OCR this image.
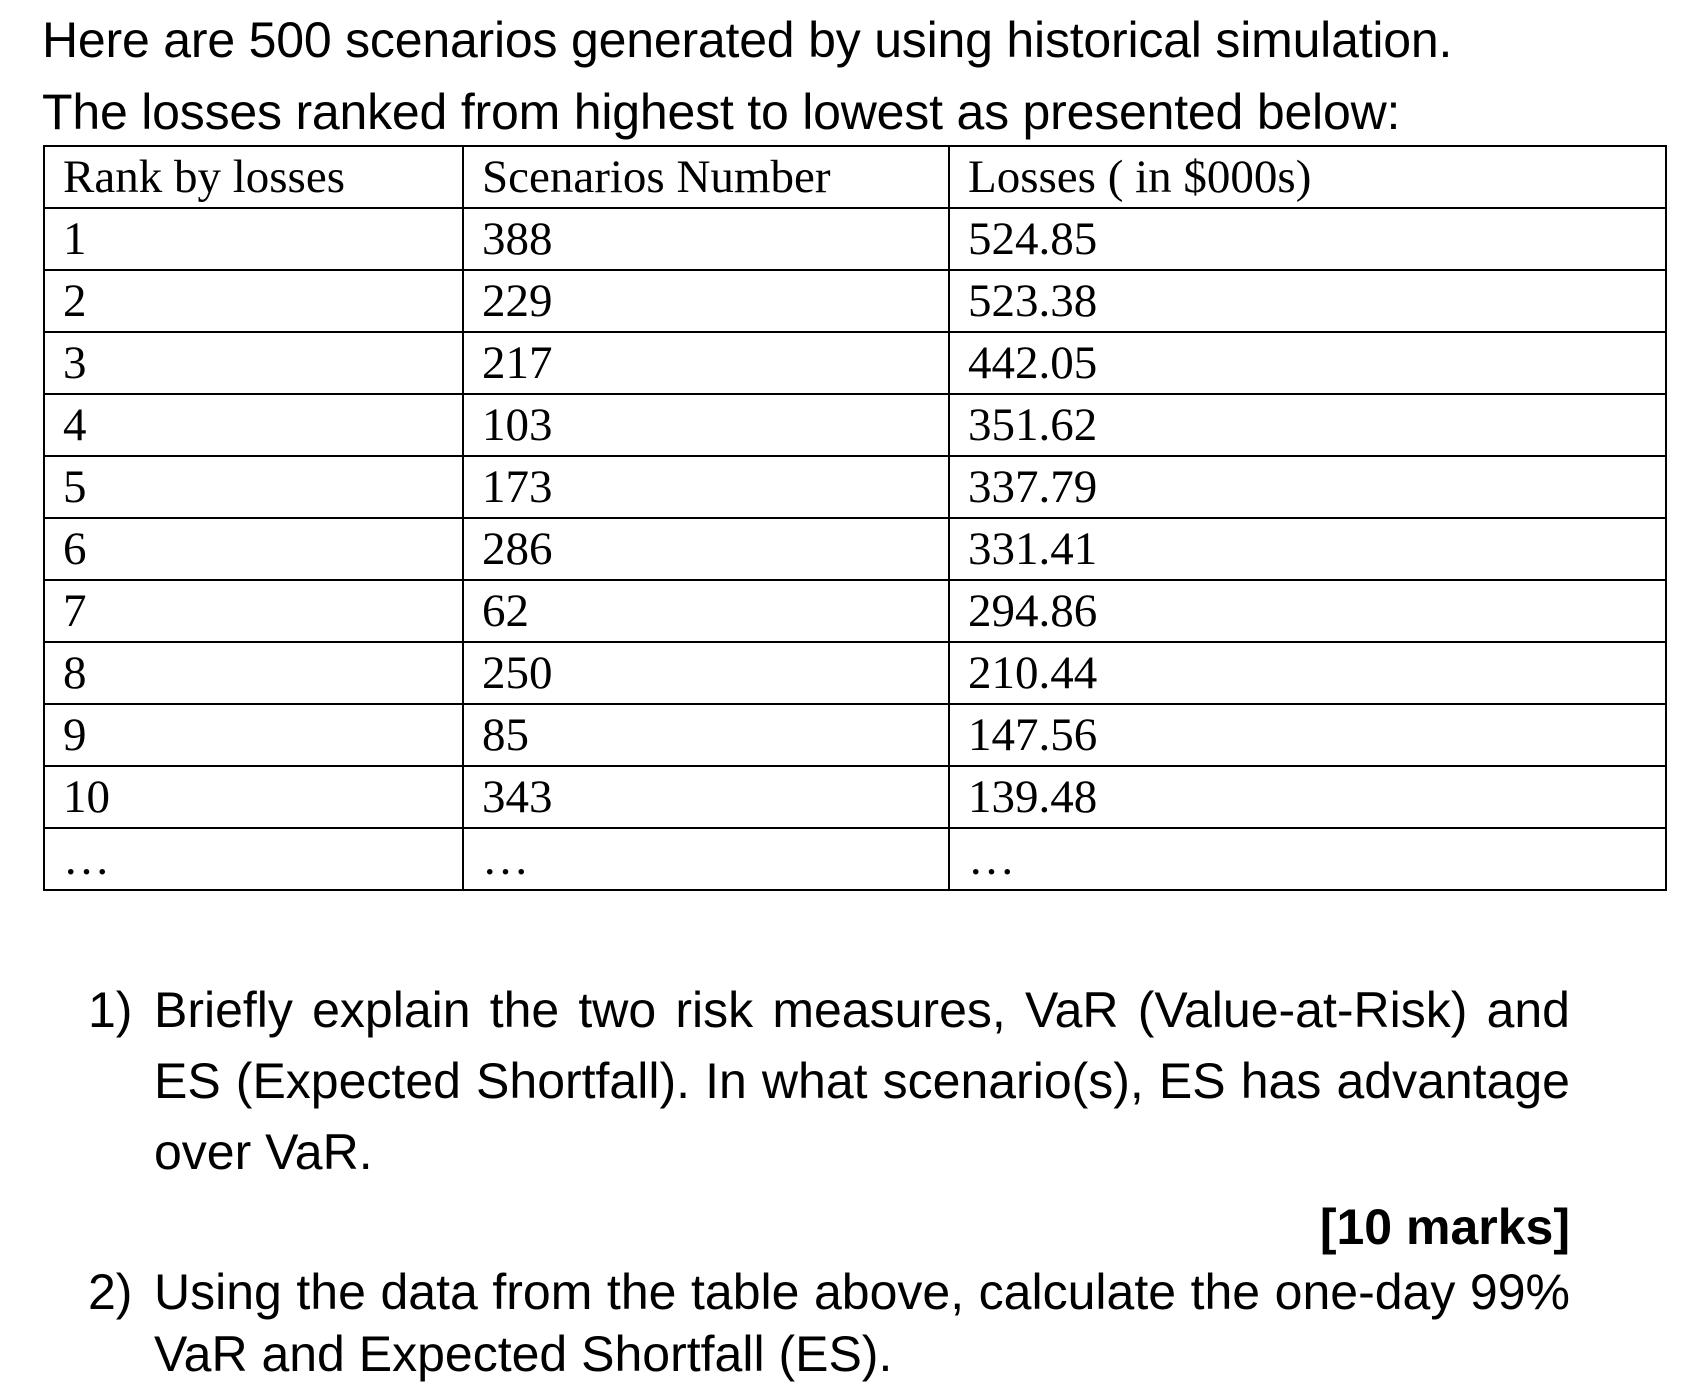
Here are 500 scenarios generated by using historical simulation.
The losses ranked from highest to lowest as presented below:
Rank by losses	Scenarios Number	Losses ( in $000s)
1	388	524.85
2	229	523.38
3	217	442.05
4	103	351.62
5	173	337.79
6	286	331.41
7	62	294.86
8	250	210.44
9	85	147.56
10	343	139.48
…	…	…
1) Briefly explain the two risk measures, VaR (Value-at-Risk) and ES (Expected Shortfall). In what scenario(s), ES has advantage over VaR.
[10 marks]
2) Using the data from the table above, calculate the one-day 99% VaR and Expected Shortfall (ES).
